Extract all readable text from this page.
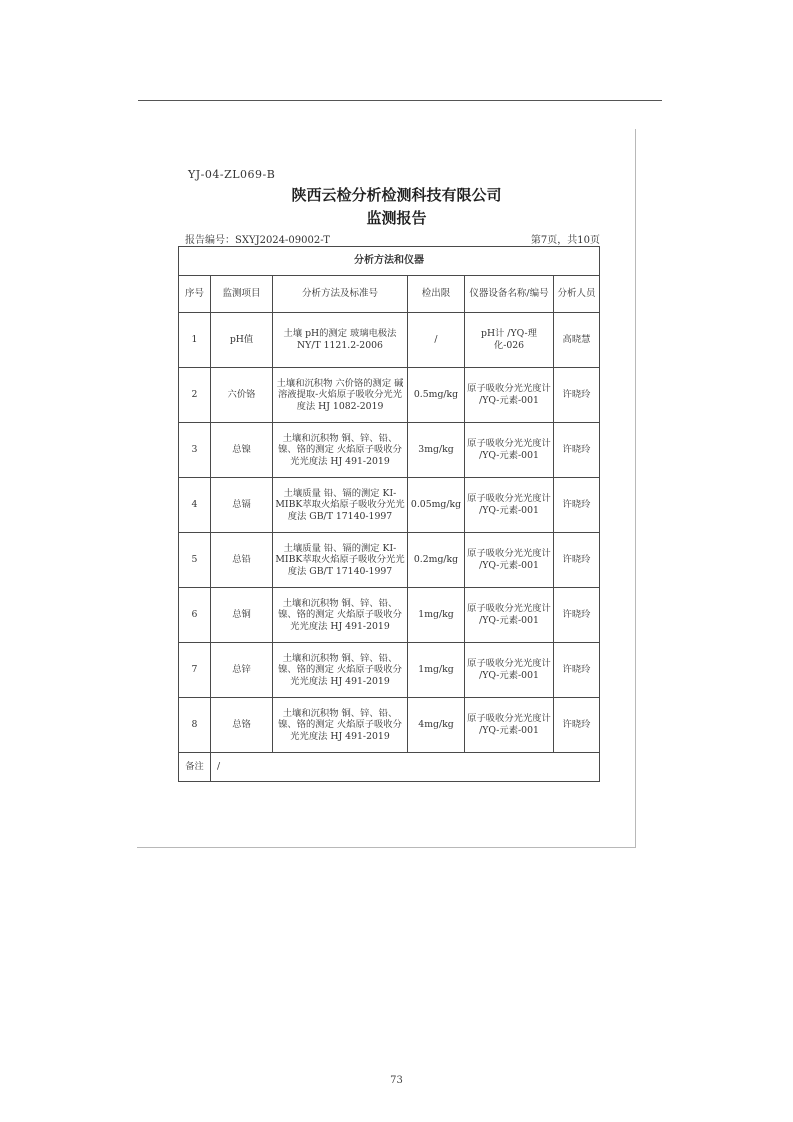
YJ-04-ZL069-B
陕西云检分析检测科技有限公司
监测报告
报告编号：SXYJ2024-09002-T	第7页，共10页
分析方法和仪器					
序号	监测项目	分析方法及标准号	检出限	仪器设备名称/编号	分析人员
1	pH值	土壤 pH的测定 玻璃电极法 NY/T 1121.2-2006	/	pH计 /YQ-理化-026	高晓慧
2	六价铬	土壤和沉积物 六价铬的测定 碱溶液提取-火焰原子吸收分光光度法 HJ 1082-2019	0.5mg/kg	原子吸收分光光度计 /YQ-元素-001	许晓玲
3	总镍	土壤和沉积物 铜、锌、铅、镍、铬的测定 火焰原子吸收分光光度法 HJ 491-2019	3mg/kg	原子吸收分光光度计 /YQ-元素-001	许晓玲
4	总镉	土壤质量 铅、镉的测定 KI-MIBK萃取火焰原子吸收分光光度法 GB/T 17140-1997	0.05mg/kg	原子吸收分光光度计 /YQ-元素-001	许晓玲
5	总铅	土壤质量 铅、镉的测定 KI-MIBK萃取火焰原子吸收分光光度法 GB/T 17140-1997	0.2mg/kg	原子吸收分光光度计 /YQ-元素-001	许晓玲
6	总铜	土壤和沉积物 铜、锌、铅、镍、铬的测定 火焰原子吸收分光光度法 HJ 491-2019	1mg/kg	原子吸收分光光度计 /YQ-元素-001	许晓玲
7	总锌	土壤和沉积物 铜、锌、铅、镍、铬的测定 火焰原子吸收分光光度法 HJ 491-2019	1mg/kg	原子吸收分光光度计 /YQ-元素-001	许晓玲
8	总铬	土壤和沉积物 铜、锌、铅、镍、铬的测定 火焰原子吸收分光光度法 HJ 491-2019	4mg/kg	原子吸收分光光度计 /YQ-元素-001	许晓玲
备注	/				
73
